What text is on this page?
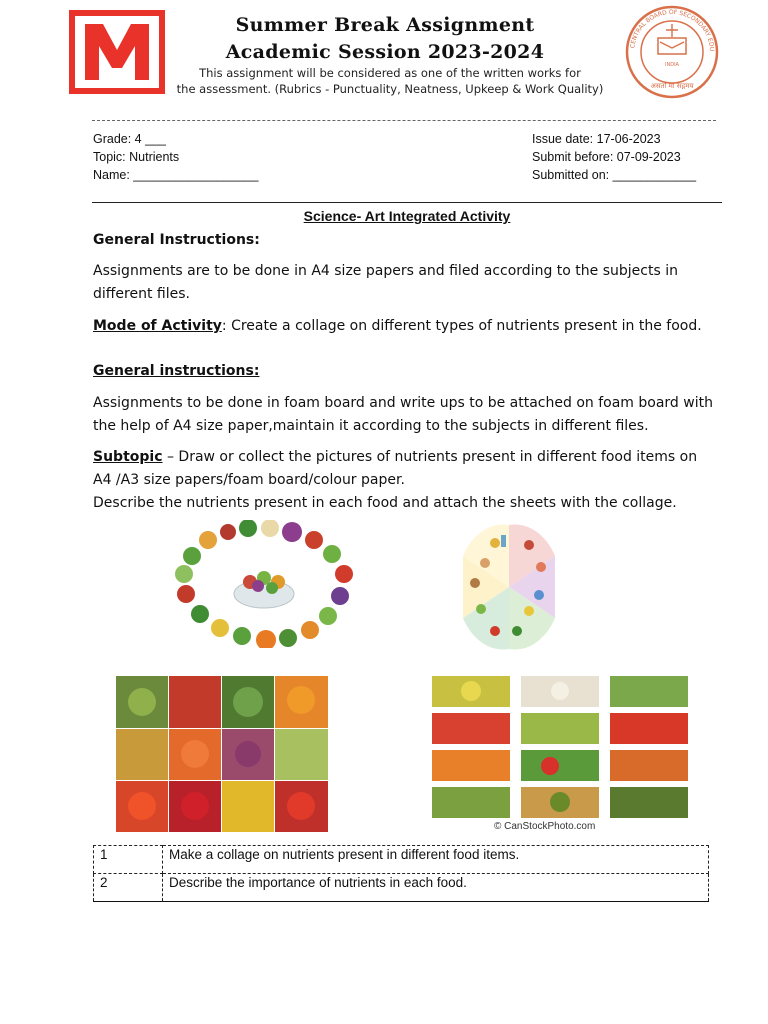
Summer Break Assignment
Academic Session 2023-2024
This assignment will be considered as one of the written works for
the assessment. (Rubrics - Punctuality, Neatness, Upkeep & Work Quality)
CENTRAL BOARD OF SECONDARY EDU
INDIA
असतो मा सद्गमय
Grade: 4 ___
Topic: Nutrients
Name: __________________
Issue date: 17-06-2023
Submit before: 07-09-2023
Submitted on: ____________
Science- Art Integrated Activity
General Instructions:
Assignments are to be done in A4 size papers and filed according to the subjects in different files.
Mode of Activity: Create a collage on different types of nutrients present in the food.
General instructions:
Assignments to be done in foam board and write ups to be attached on foam board with the help of A4 size paper,maintain it according to the subjects in different files.
Subtopic – Draw or collect the pictures of nutrients present in different food items on A4 /A3 size papers/foam board/colour paper.
Describe the nutrients present in each food and attach the sheets with the collage.
© CanStockPhoto.com
1	Make a collage on nutrients present in different food items.
2	Describe the importance of nutrients in each food.
